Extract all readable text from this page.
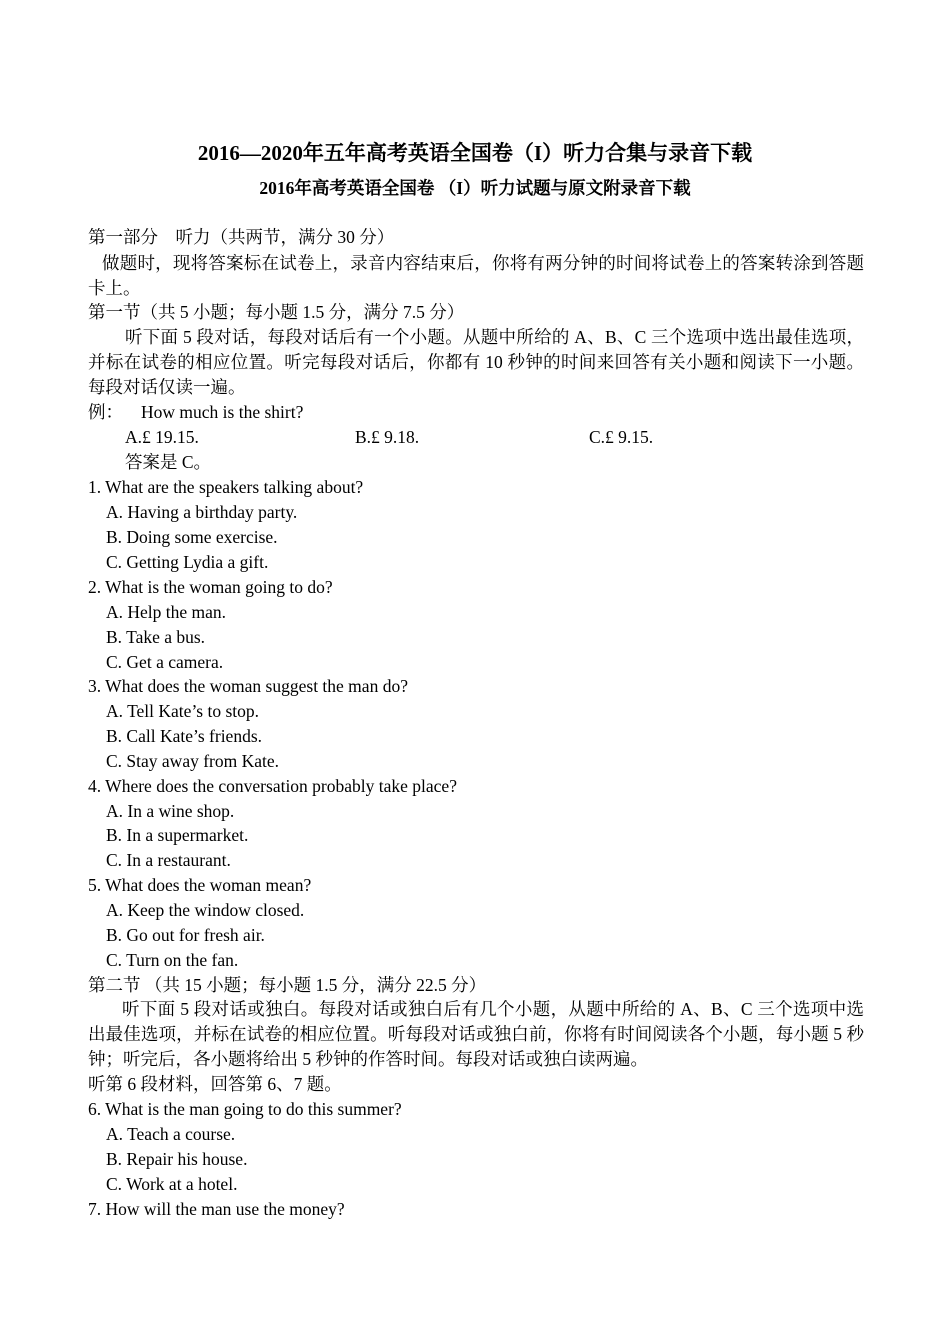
2016—2020年五年高考英语全国卷（I）听力合集与录音下载
2016年高考英语全国卷 （I）听力试题与原文附录音下载
第一部分　听力（共两节，满分 30 分）
做题时，现将答案标在试卷上，录音内容结束后，你将有两分钟的时间将试卷上的答案转涂到答题卡上。
第一节（共 5 小题；每小题 1.5 分，满分 7.5 分）
听下面 5 段对话，每段对话后有一个小题。从题中所给的 A、B、C 三个选项中选出最佳选项，并标在试卷的相应位置。听完每段对话后，你都有 10 秒钟的时间来回答有关小题和阅读下一小题。每段对话仅读一遍。
例： How much is the shirt?
A.£ 19.15.	B.£ 9.18.	C.£ 9.15.
答案是 C。
1. What are the speakers talking about?
A. Having a birthday party.
B. Doing some exercise.
C. Getting Lydia a gift.
2. What is the woman going to do?
A. Help the man.
B. Take a bus.
C. Get a camera.
3. What does the woman suggest the man do?
A. Tell Kate’s to stop.
B. Call Kate’s friends.
C. Stay away from Kate.
4. Where does the conversation probably take place?
A. In a wine shop.
B. In a supermarket.
C. In a restaurant.
5. What does the woman mean?
A. Keep the window closed.
B. Go out for fresh air.
C. Turn on the fan.
第二节 （共 15 小题；每小题 1.5 分，满分 22.5 分）
听下面 5 段对话或独白。每段对话或独白后有几个小题，从题中所给的 A、B、C 三个选项中选出最佳选项，并标在试卷的相应位置。听每段对话或独白前，你将有时间阅读各个小题，每小题 5 秒钟；听完后，各小题将给出 5 秒钟的作答时间。每段对话或独白读两遍。
听第 6 段材料，回答第 6、7 题。
6. What is the man going to do this summer?
A. Teach a course.
B. Repair his house.
C. Work at a hotel.
7. How will the man use the money?
